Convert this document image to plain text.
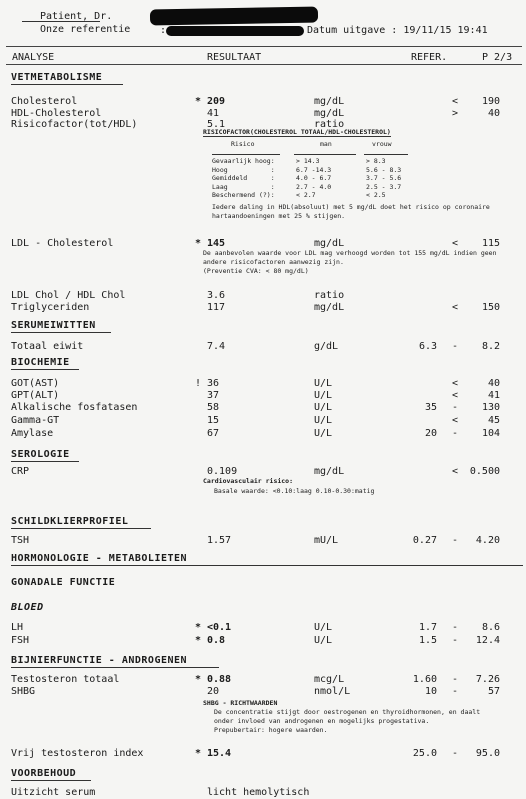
Patient, Dr.
Onze referentie	:	Datum uitgave : 19/11/15 19:41
ANALYSE	RESULTAAT	REFER.	P 2/3
VETMETABOLISME
Cholesterol	* 209	mg/dL	<	190
HDL-Cholesterol	41	mg/dL	>	40
Risicofactor(tot/HDL)	5.1	ratio
LDL - Cholesterol	* 145	mg/dL	<	115
LDL Chol / HDL Chol	3.6	ratio
Triglyceriden	117	mg/dL	<	150
Totaal eiwit	7.4	g/dL	6.3 -	8.2
GOT(AST)	! 36	U/L	<	40
GPT(ALT)	37	U/L	<	41
Alkalische fosfatasen	58	U/L	35 -	130
Gamma-GT	15	U/L	<	45
Amylase	67	U/L	20 -	104
CRP	0.109	mg/dL	<	0.500
TSH	1.57	mU/L	0.27 -	4.20
LH	* <0.1	U/L	1.7 -	8.6
FSH	* 0.8	U/L	1.5 -	12.4
Testosteron totaal	* 0.88	mcg/L	1.60 -	7.26
SHBG	20	nmol/L	10 -	57
Vrij testosteron index	* 15.4	25.0 -	95.0
Uitzicht serum	licht hemolytisch
RISICOFACTOR(CHOLESTEROL TOTAAL/HDL-CHOLESTEROL)
Risico	man	vrouw
Gevaarlijk hoog:	> 14.3	> 8.3
Hoog           :	6.7 -14.3	5.6 - 8.3
Gemiddeld      :	4.0 - 6.7	3.7 - 5.6
Laag           :	2.7 - 4.0	2.5 - 3.7
Beschermend (?):	< 2.7	< 2.5
Iedere daling in HDL(absoluut) met 5 mg/dL doet het risico op coronaire
hartaandoeningen met 25 % stijgen.
De aanbevolen waarde voor LDL mag verhoogd worden tot 155 mg/dL indien geen
andere risicofactoren aanwezig zijn.
(Preventie CVA: < 80 mg/dL)
SERUMEIWITTEN
BIOCHEMIE
SEROLOGIE
Cardiovasculair risico:
Basale waarde: <0.10:laag 0.10-0.30:matig
SCHILDKLIERPROFIEL
HORMONOLOGIE - METABOLIETEN
GONADALE FUNCTIE
BLOED
BIJNIERFUNCTIE - ANDROGENEN
SHBG - RICHTWAARDEN
De concentratie stijgt door oestrogenen en thyroidhormonen, en daalt
onder invloed van androgenen en mogelijks progestativa.
Prepubertair: hogere waarden.
VOORBEHOUD
